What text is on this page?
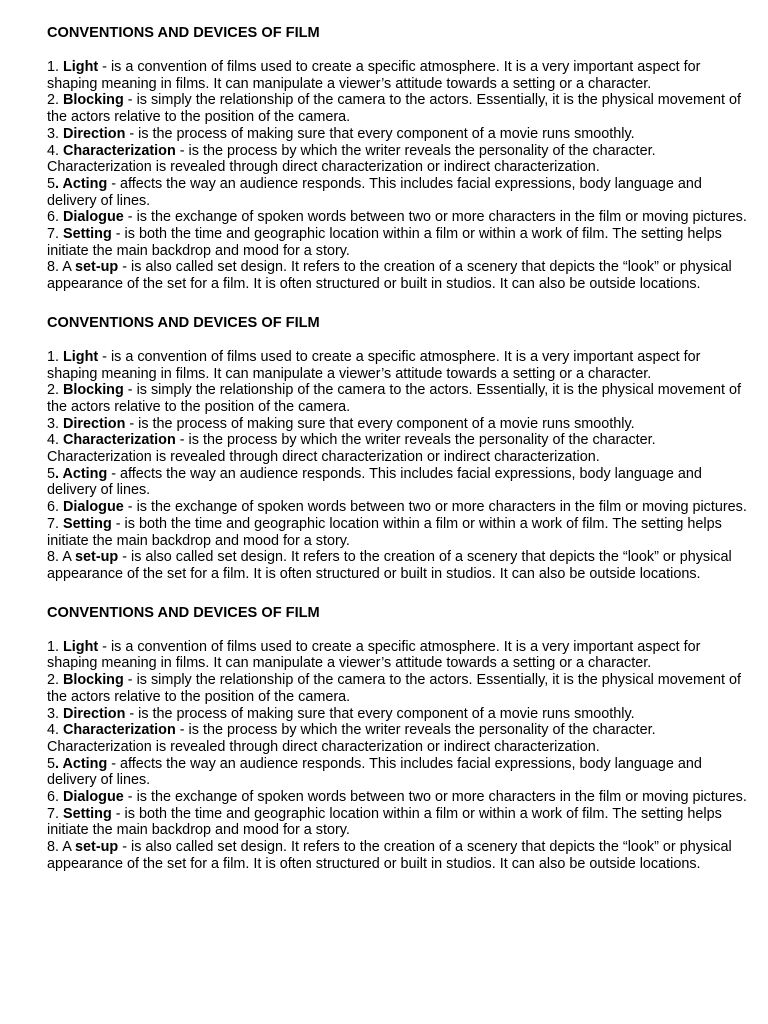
CONVENTIONS AND DEVICES OF FILM

1. Light - is a convention of films used to create a specific atmosphere. It is a very important aspect for shaping meaning in films. It can manipulate a viewer’s attitude towards a setting or a character.

2. Blocking - is simply the relationship of the camera to the actors. Essentially, it is the physical movement of the actors relative to the position of the camera.

3. Direction - is the process of making sure that every component of a movie runs smoothly.

4. Characterization - is the process by which the writer reveals the personality of the character. Characterization is revealed through direct characterization or indirect characterization.

5. Acting - affects the way an audience responds. This includes facial expressions, body language and delivery of lines.

6. Dialogue - is the exchange of spoken words between two or more characters in the film or moving pictures.

7. Setting - is both the time and geographic location within a film or within a work of film. The setting helps initiate the main backdrop and mood for a story.

8. A set-up - is also called set design. It refers to the creation of a scenery that depicts the “look” or physical appearance of the set for a film. It is often structured or built in studios. It can also be outside locations.

CONVENTIONS AND DEVICES OF FILM

1. Light - is a convention of films used to create a specific atmosphere. It is a very important aspect for shaping meaning in films. It can manipulate a viewer’s attitude towards a setting or a character.

2. Blocking - is simply the relationship of the camera to the actors. Essentially, it is the physical movement of the actors relative to the position of the camera.

3. Direction - is the process of making sure that every component of a movie runs smoothly.

4. Characterization - is the process by which the writer reveals the personality of the character. Characterization is revealed through direct characterization or indirect characterization.

5. Acting - affects the way an audience responds. This includes facial expressions, body language and delivery of lines.

6. Dialogue - is the exchange of spoken words between two or more characters in the film or moving pictures.

7. Setting - is both the time and geographic location within a film or within a work of film. The setting helps initiate the main backdrop and mood for a story.

8. A set-up - is also called set design. It refers to the creation of a scenery that depicts the “look” or physical appearance of the set for a film. It is often structured or built in studios. It can also be outside locations.

CONVENTIONS AND DEVICES OF FILM

1. Light - is a convention of films used to create a specific atmosphere. It is a very important aspect for shaping meaning in films. It can manipulate a viewer’s attitude towards a setting or a character.

2. Blocking - is simply the relationship of the camera to the actors. Essentially, it is the physical movement of the actors relative to the position of the camera.

3. Direction - is the process of making sure that every component of a movie runs smoothly.

4. Characterization - is the process by which the writer reveals the personality of the character. Characterization is revealed through direct characterization or indirect characterization.

5. Acting - affects the way an audience responds. This includes facial expressions, body language and delivery of lines.

6. Dialogue - is the exchange of spoken words between two or more characters in the film or moving pictures.

7. Setting - is both the time and geographic location within a film or within a work of film. The setting helps initiate the main backdrop and mood for a story.

8. A set-up - is also called set design. It refers to the creation of a scenery that depicts the “look” or physical appearance of the set for a film. It is often structured or built in studios. It can also be outside locations.
